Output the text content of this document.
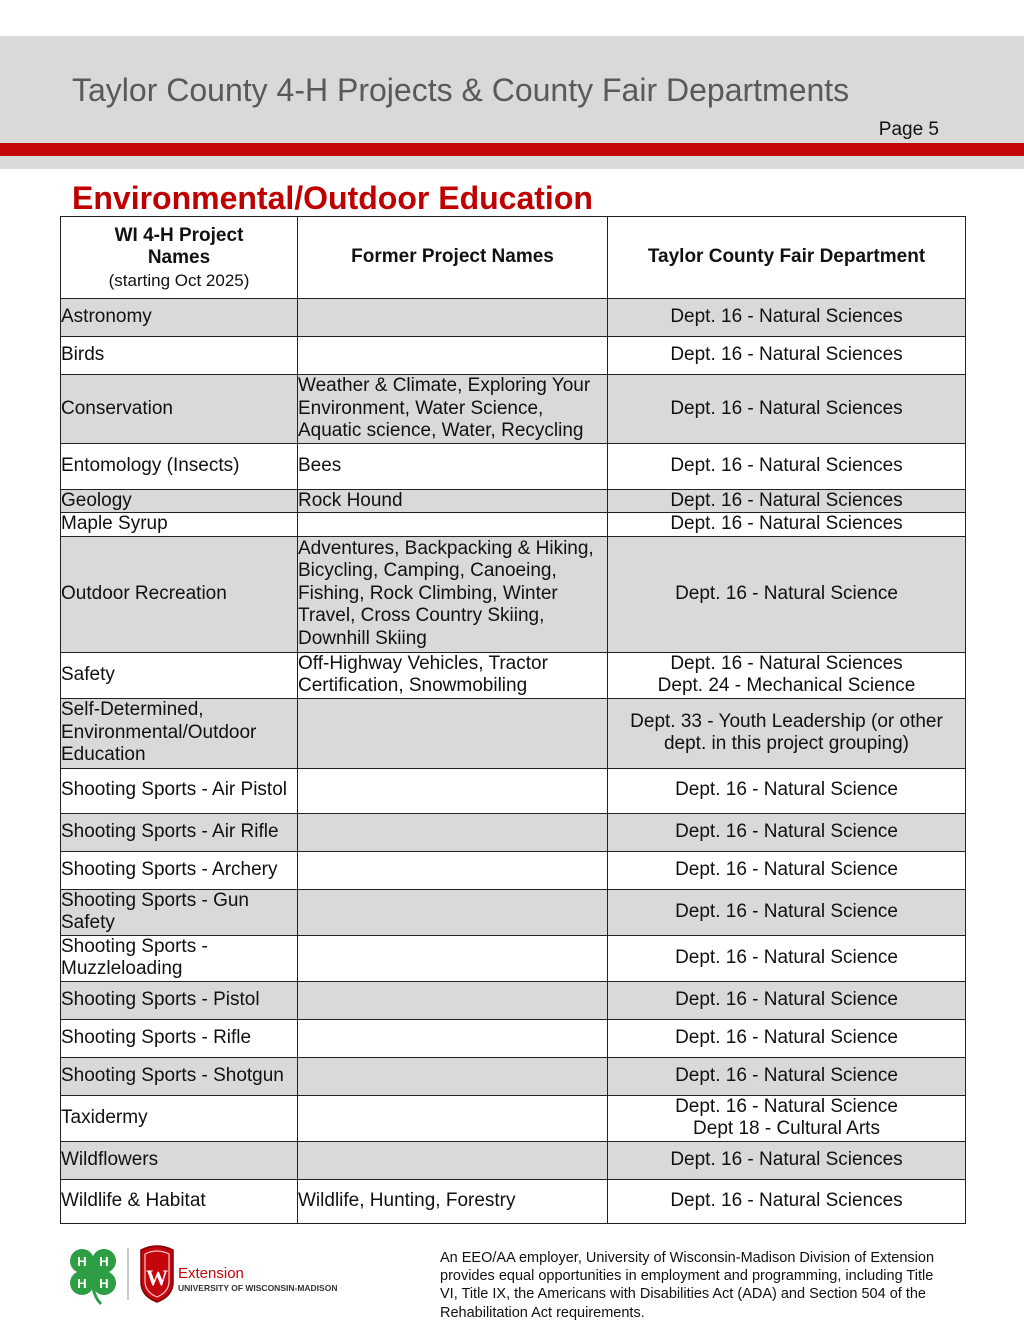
Taylor County 4-H Projects & County Fair Departments
Page 5
Environmental/Outdoor Education
WI 4-H Project
Names
(starting Oct 2025)	Former Project Names	Taylor County Fair Department
Astronomy		Dept. 16 - Natural Sciences

Birds		Dept. 16 - Natural Sciences

Conservation	Weather & Climate, Exploring Your Environment, Water Science, Aquatic science, Water, Recycling	Dept. 16 - Natural Sciences

Entomology (Insects)	Bees	Dept. 16 - Natural Sciences

Geology	Rock Hound	Dept. 16 - Natural Sciences

Maple Syrup		Dept. 16 - Natural Sciences

Outdoor Recreation	Adventures, Backpacking & Hiking, Bicycling, Camping, Canoeing, Fishing, Rock Climbing, Winter Travel, Cross Country Skiing, Downhill Skiing	Dept. 16 - Natural Science

Safety	Off-Highway Vehicles, Tractor Certification, Snowmobiling	Dept. 16 - Natural Sciences
Dept. 24 - Mechanical Science

Self-Determined, Environmental/Outdoor Education		Dept. 33 - Youth Leadership (or other dept. in this project grouping)

Shooting Sports - Air Pistol		Dept. 16 - Natural Science

Shooting Sports - Air Rifle		Dept. 16 - Natural Science

Shooting Sports - Archery		Dept. 16 - Natural Science

Shooting Sports - Gun Safety		Dept. 16 - Natural Science

Shooting Sports - Muzzleloading		Dept. 16 - Natural Science

Shooting Sports - Pistol		Dept. 16 - Natural Science

Shooting Sports - Rifle		Dept. 16 - Natural Science

Shooting Sports - Shotgun		Dept. 16 - Natural Science

Taxidermy		Dept. 16 - Natural Science
Dept 18 - Cultural Arts

Wildflowers		Dept. 16 - Natural Sciences

Wildlife & Habitat	Wildlife, Hunting, Forestry	Dept. 16 - Natural Sciences
H H
H H W Extension
UNIVERSITY OF WISCONSIN-MADISON
An EEO/AA employer, University of Wisconsin-Madison Division of Extension provides equal opportunities in employment and programming, including Title VI, Title IX, the Americans with Disabilities Act (ADA) and Section 504 of the Rehabilitation Act requirements.
